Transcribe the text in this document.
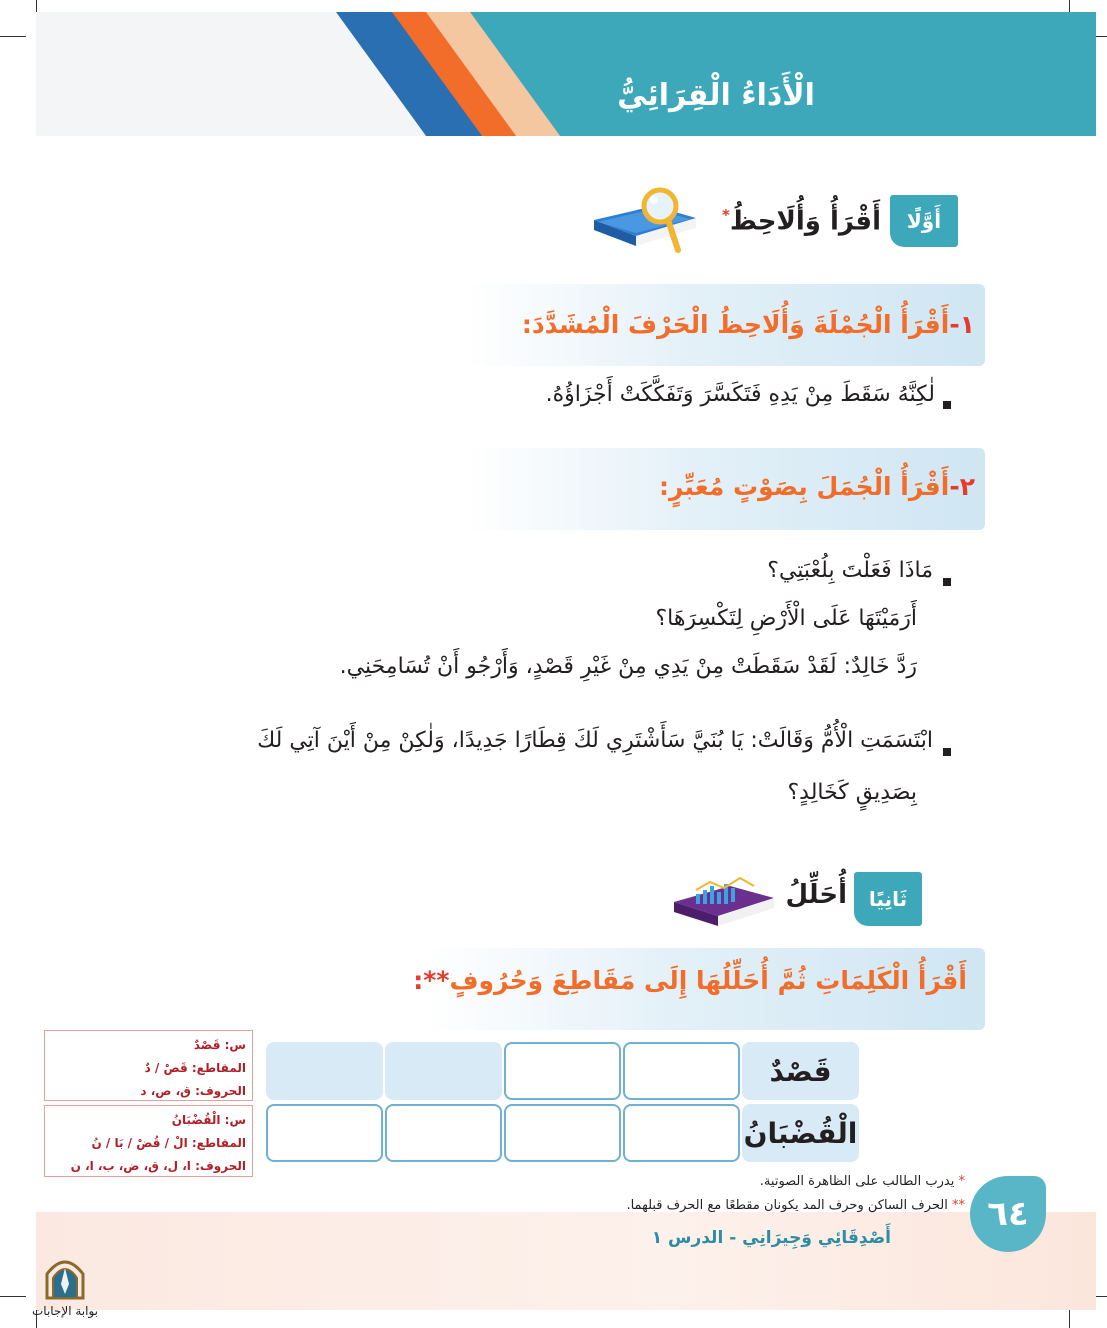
الْأَدَاءُ الْقِرَائِيُّ
أَوَّلًا
أَقْرَأُ وَأُلَاحِظُ*
١-أَقْرَأُ الْجُمْلَةَ وَأُلَاحِظُ الْحَرْفَ الْمُشَدَّدَ:
لٰكِنَّهُ سَقَطَ مِنْ يَدِهِ فَتَكَسَّرَ وَتَفَكَّكَتْ أَجْزَاؤُهُ.
٢-أَقْرَأُ الْجُمَلَ بِصَوْتٍ مُعَبِّرٍ:
مَاذَا فَعَلْتَ بِلُعْبَتِي؟
أَرَمَيْتَهَا عَلَى الْأَرْضِ لِتَكْسِرَهَا؟
رَدَّ خَالِدٌ: لَقَدْ سَقَطَتْ مِنْ يَدِي مِنْ غَيْرِ قَصْدٍ، وَأَرْجُو أَنْ تُسَامِحَنِي.
ابْتَسَمَتِ الْأُمُّ وَقَالَتْ: يَا بُنَيَّ سَأَشْتَرِي لَكَ قِطَارًا جَدِيدًا، وَلٰكِنْ مِنْ أَيْنَ آتِي لَكَ
بِصَدِيقٍ كَخَالِدٍ؟
ثَانِيًا
أُحَلِّلُ
أَقْرَأُ الْكَلِمَاتِ ثُمَّ أُحَلِّلُهَا إِلَى مَقَاطِعَ وَحُرُوفٍ**:
قَصْدٌ
الْقُضْبَانُ
س: قَصْدٌ
المقاطع: قَصْ / دٌ
الحروف: ق، ص، د
س: الْقُضْبَانُ
المقاطع: الْ / قُضْ / بَا / نُ
الحروف: ا، ل، ق، ض، ب، ا، ن
* يدرب الطالب على الظاهرة الصوتية.
** الحرف الساكن وحرف المد يكونان مقطعًا مع الحرف قبلهما.	٦٤
أَصْدِقَائِي وَجِيرَانِي - الدرس ١
بوابة الإجابات
